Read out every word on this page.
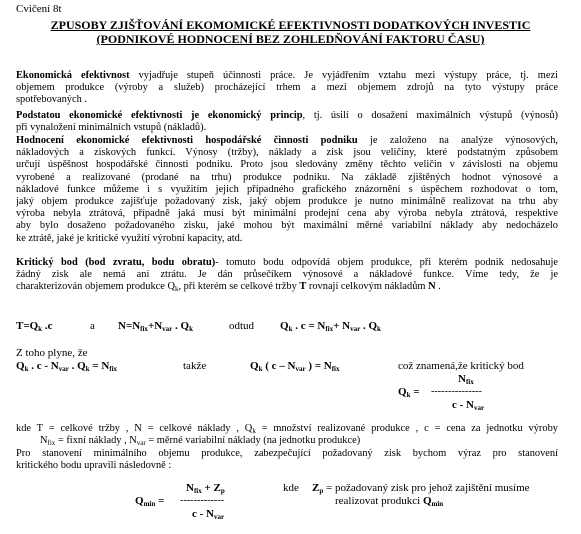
Cvičení 8t
ZPUSOBY ZJIŠŤOVÁNÍ EKOMOMICKÉ EFEKTIVNOSTI DODATKOVÝCH INVESTIC
(PODNIKOVÉ HODNOCENÍ BEZ ZOHLEDŇOVÁNÍ FAKTORU ČASU)
Ekonomická efektivnost vyjadřuje stupeň účinnosti práce. Je vyjádřením vztahu mezi výstupy práce, tj. mezi
objemem produkce (výroby a služeb) procházející trhem a mezi objemem zdrojů na tyto výstupy práce
spotřebovaných .
Podstatou ekonomické efektivnosti je ekonomický princip, tj. úsilí o dosažení maximálních výstupů (výnosů)
při vynaložení minimálních vstupů (nákladů).
Hodnocení ekonomické efektivnosti hospodářské činnosti podniku je založeno na analýze výnosových,
nákladových a ziskových funkcí. Výnosy (tržby), náklady a zisk jsou veličiny, které podstatným způsobem
určují úspěšnost hospodářské činnosti podniku. Proto jsou sledovány změny těchto veličin v závislosti na objemu
vyrobené a realizované (prodané na trhu) produkce podniku. Na základě zjištěných hodnot výnosové a
nákladové funkce můžeme i s využitím jejich případného grafického znázornění s úspěchem rozhodovat o tom,
jaký objem produkce zajišťuje požadovaný zisk, jaký objem produkce je nutno minimálně realizovat na trhu aby
výroba nebyla ztrátová, případně jaká musí být minimální prodejní cena aby výroba nebyla ztrátová, respektive
aby bylo dosaženo požadovaného zisku, jaké mohou být maximální měrné variabilní náklady aby nedocházelo
ke ztrátě, jaké je kritické využití výrobní kapacity, atd.
Kritický bod (bod zvratu, bodu obratu)- tomuto bodu odpovídá objem produkce, při kterém podnik nedosahuje
žádný zisk ale nemá ani ztrátu. Je dán průsečíkem výnosové a nákladové funkce. Víme tedy, že je
charakterizován objemem produkce $Q_k$, při kterém se celkové tržby T rovnají celkovým nákladům N .
$T=Q_k$ .c	a $N=N_{fix}+N_{var}$ . $Q_k$	odtud $Q_k$ . $c = N_{fix}+ N_{var}$ . $Q_k$
Z toho plyne, že
$Q_k$ . c - $N_{var}$ . $Q_k = N_{fix}$	takže	$Q_k$ ( c – $N_{var}$ ) = $N_{fix}$	což znamená,že kritický bod
$N_{fix}$
$Q_k$ = ---------------
c - $N_{var}$
kde T = celkové tržby , N = celkové náklady , $Q_k$ = množství realizované produkce , c = cena za jednotku výroby
$N_{fix}$ = fixní náklady , $N_{var}$ = měrné variabilní náklady (na jednotku produkce)
Pro stanovení minimálního objemu produkce, zabezpečující požadovaný zisk bychom výraz pro stanovení
kritického bodu upravili následovně :
$N_{fix} + Z_p$
$Q_{min}$ = -------------
c - $N_{var}$
kde $Z_p$ = požadovaný zisk pro jehož zajištění musíme
realizovat produkci $Q_{min}$
